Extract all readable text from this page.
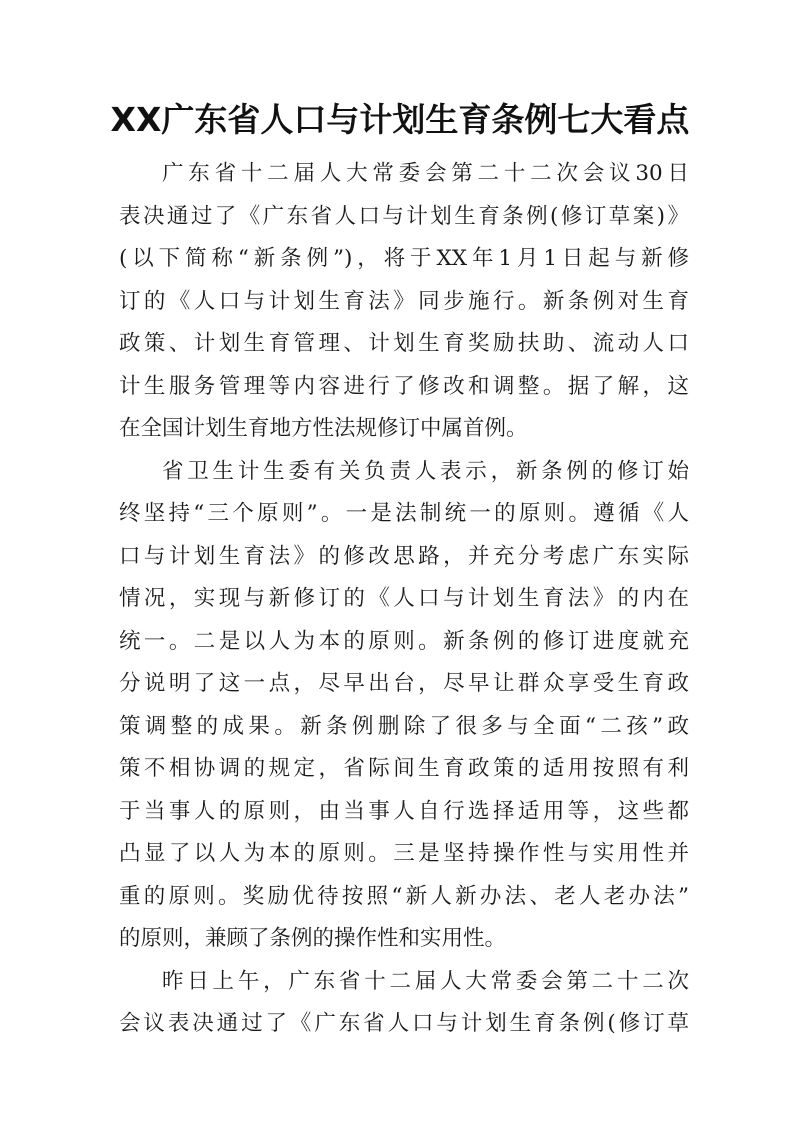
XX广东省人口与计划生育条例七大看点

广东省十二届人大常委会第二十二次会议30日
表决通过了《广东省人口与计划生育条例(修订草案)》
(以下简称“新条例”)，将于XX年1月1日起与新修
订的《人口与计划生育法》同步施行。新条例对生育
政策、计划生育管理、计划生育奖励扶助、流动人口
计生服务管理等内容进行了修改和调整。据了解，这
在全国计划生育地方性法规修订中属首例。

省卫生计生委有关负责人表示，新条例的修订始
终坚持“三个原则”。一是法制统一的原则。遵循《人
口与计划生育法》的修改思路，并充分考虑广东实际
情况，实现与新修订的《人口与计划生育法》的内在
统一。二是以人为本的原则。新条例的修订进度就充
分说明了这一点，尽早出台，尽早让群众享受生育政
策调整的成果。新条例删除了很多与全面“二孩”政
策不相协调的规定，省际间生育政策的适用按照有利
于当事人的原则，由当事人自行选择适用等，这些都
凸显了以人为本的原则。三是坚持操作性与实用性并
重的原则。奖励优待按照“新人新办法、老人老办法”
的原则，兼顾了条例的操作性和实用性。

昨日上午，广东省十二届人大常委会第二十二次
会议表决通过了《广东省人口与计划生育条例(修订草
